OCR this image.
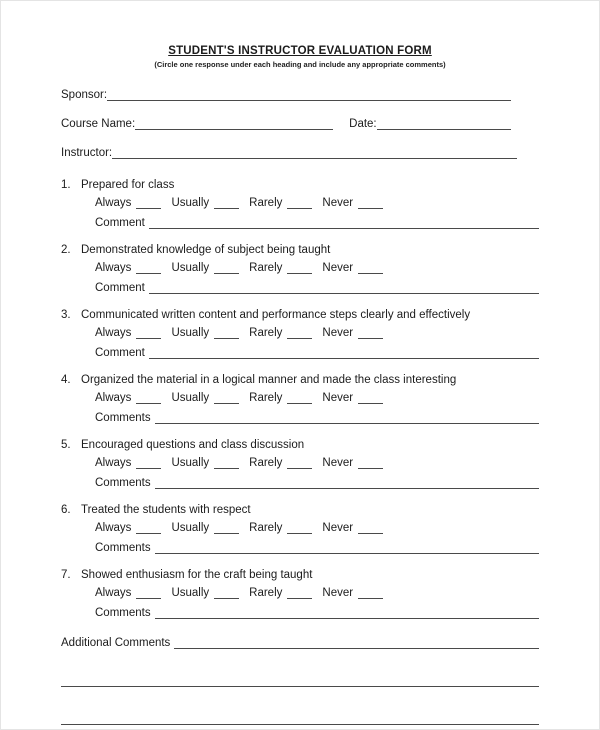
STUDENT'S INSTRUCTOR EVALUATION FORM
(Circle one response under each heading and include any appropriate comments)
Sponsor:
Course Name:	Date:
Instructor:
1. Prepared for class
Always	Usually	Rarely	Never
Comment
2. Demonstrated knowledge of subject being taught
Always	Usually	Rarely	Never
Comment
3. Communicated written content and performance steps clearly and effectively
Always	Usually	Rarely	Never
Comment
4. Organized the material in a logical manner and made the class interesting
Always	Usually	Rarely	Never
Comments
5. Encouraged questions and class discussion
Always	Usually	Rarely	Never
Comments
6. Treated the students with respect
Always	Usually	Rarely	Never
Comments
7. Showed enthusiasm for the craft being taught
Always	Usually	Rarely	Never
Comments
Additional Comments
